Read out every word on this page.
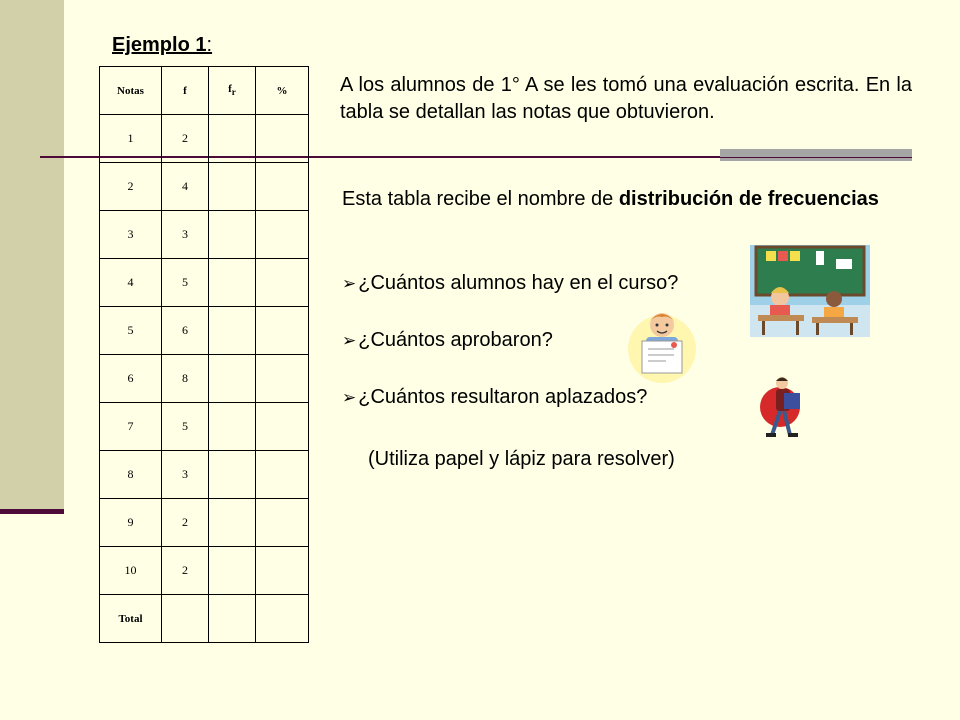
Ejemplo 1:
Notas	f	$f_r$	%
1	2		
2	4		
3	3		
4	5		
5	6		
6	8		
7	5		
8	3		
9	2		
10	2		
Total			
A los alumnos de 1° A se les tomó una evaluación escrita. En la tabla se detallan las notas que obtuvieron.
Esta tabla recibe el nombre de distribución de frecuencias
➢ ¿Cuántos alumnos hay en el curso?
➢ ¿Cuántos aprobaron?
➢ ¿Cuántos resultaron aplazados?
(Utiliza papel y lápiz para resolver)
